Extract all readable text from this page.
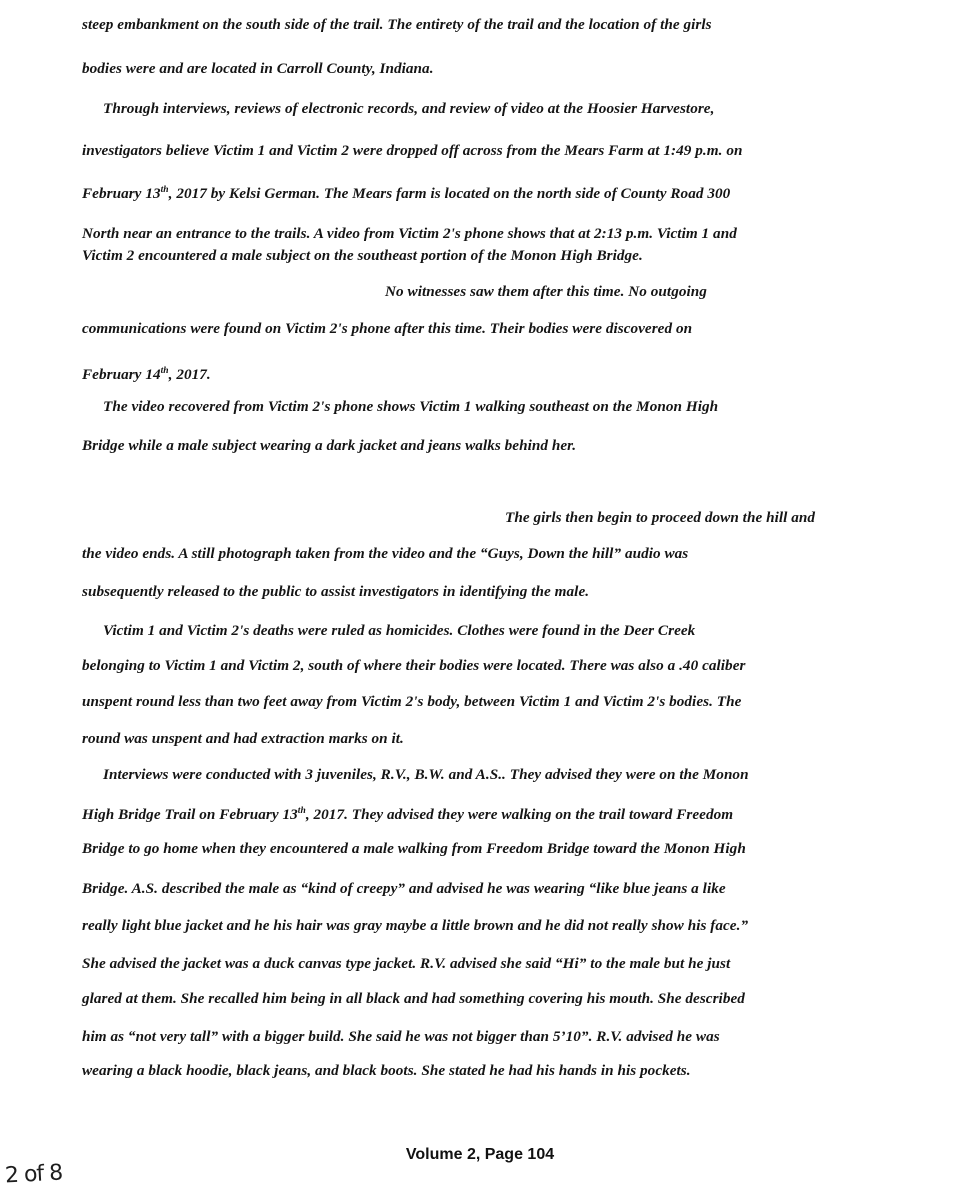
steep embankment on the south side of the trail. The entirety of the trail and the location of the girls
bodies were and are located in Carroll County, Indiana.
Through interviews, reviews of electronic records, and review of video at the Hoosier Harvestore,
investigators believe Victim 1 and Victim 2 were dropped off across from the Mears Farm at 1:49 p.m. on
February 13th, 2017 by Kelsi German. The Mears farm is located on the north side of County Road 300
North near an entrance to the trails. A video from Victim 2's phone shows that at 2:13 p.m. Victim 1 and
Victim 2 encountered a male subject on the southeast portion of the Monon High Bridge.
No witnesses saw them after this time. No outgoing
communications were found on Victim 2's phone after this time. Their bodies were discovered on
February 14th, 2017.
The video recovered from Victim 2's phone shows Victim 1 walking southeast on the Monon High
Bridge while a male subject wearing a dark jacket and jeans walks behind her.
The girls then begin to proceed down the hill and
the video ends. A still photograph taken from the video and the “Guys, Down the hill” audio was
subsequently released to the public to assist investigators in identifying the male.
Victim 1 and Victim 2's deaths were ruled as homicides. Clothes were found in the Deer Creek
belonging to Victim 1 and Victim 2, south of where their bodies were located. There was also a .40 caliber
unspent round less than two feet away from Victim 2's body, between Victim 1 and Victim 2's bodies. The
round was unspent and had extraction marks on it.
Interviews were conducted with 3 juveniles, R.V., B.W. and A.S.. They advised they were on the Monon
High Bridge Trail on February 13th, 2017. They advised they were walking on the trail toward Freedom
Bridge to go home when they encountered a male walking from Freedom Bridge toward the Monon High
Bridge. A.S. described the male as “kind of creepy” and advised he was wearing “like blue jeans a like
really light blue jacket and he his hair was gray maybe a little brown and he did not really show his face.”
She advised the jacket was a duck canvas type jacket. R.V. advised she said “Hi” to the male but he just
glared at them. She recalled him being in all black and had something covering his mouth. She described
him as “not very tall” with a bigger build. She said he was not bigger than 5’10”. R.V. advised he was
wearing a black hoodie, black jeans, and black boots. She stated he had his hands in his pockets.
Volume 2, Page 104
2 of 8
